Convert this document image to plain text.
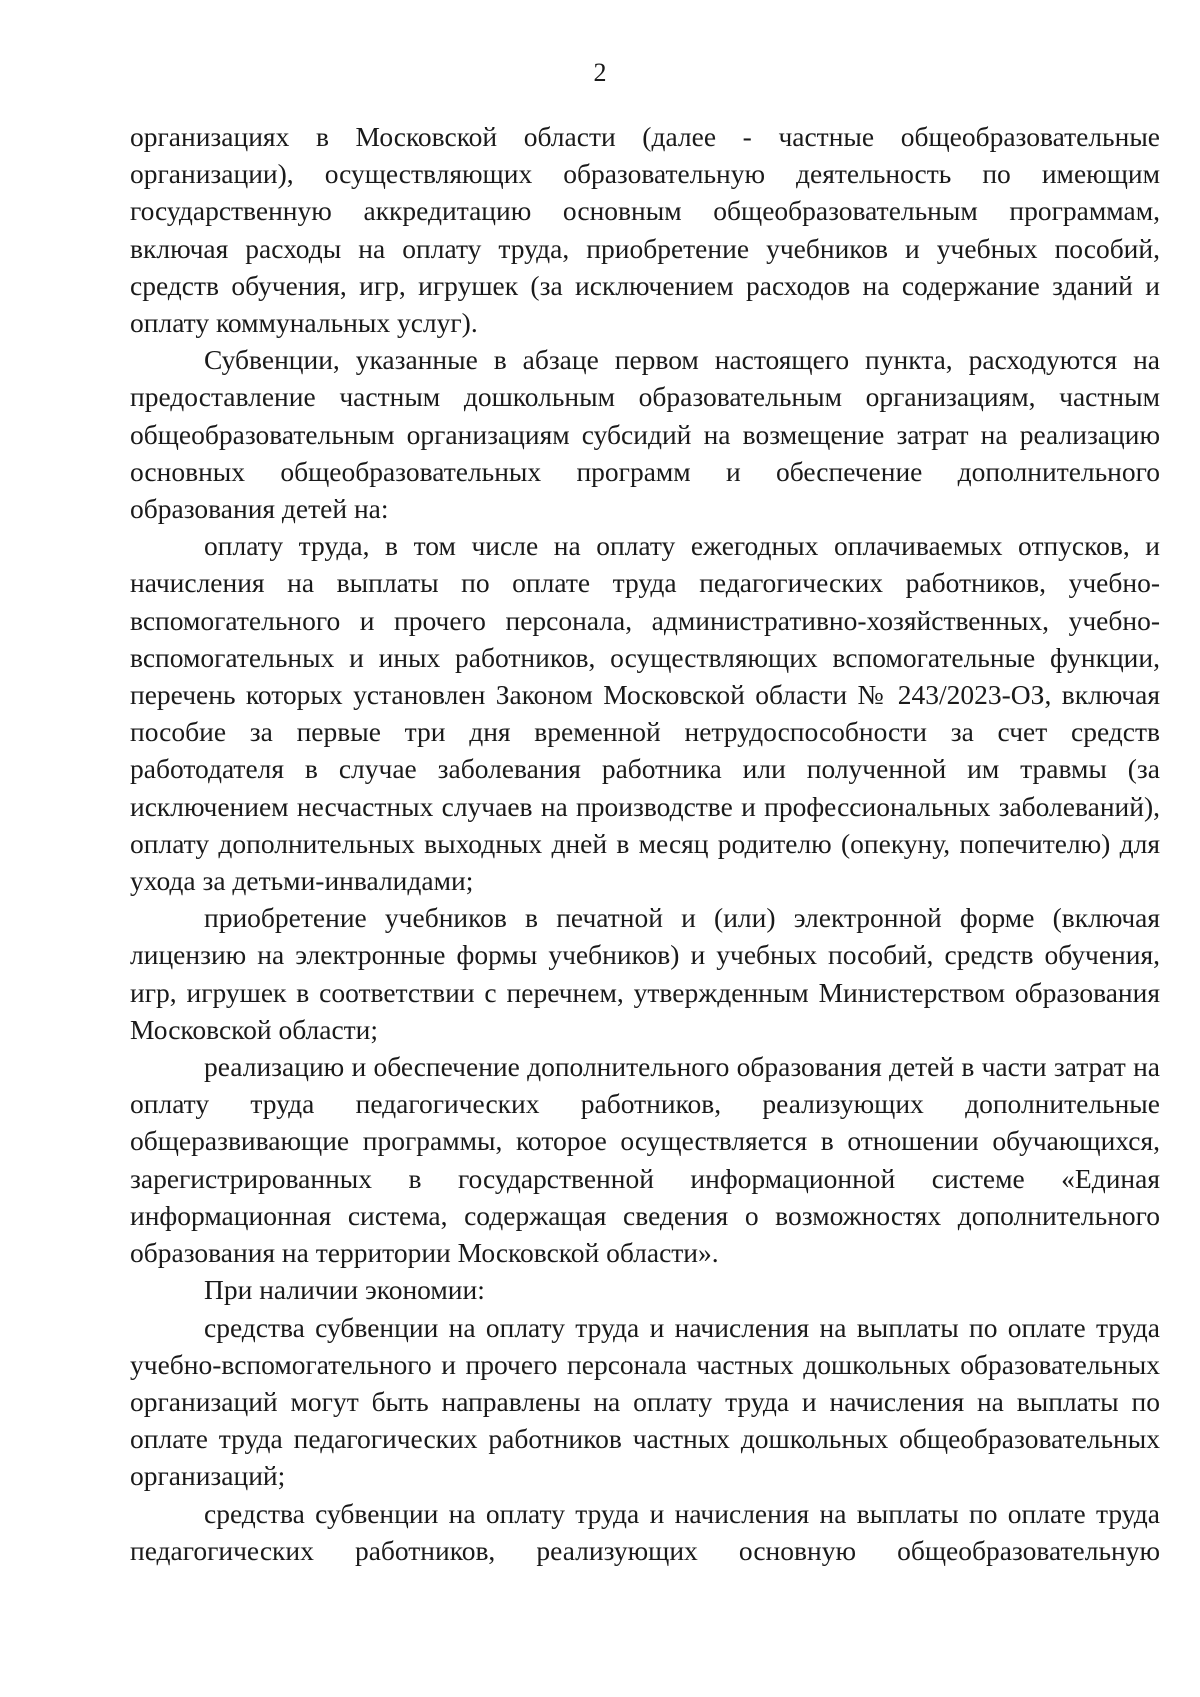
2

организациях в Московской области (далее - частные общеобразовательные организации), осуществляющих образовательную деятельность по имеющим государственную аккредитацию основным общеобразовательным программам, включая расходы на оплату труда, приобретение учебников и учебных пособий, средств обучения, игр, игрушек (за исключением расходов на содержание зданий и оплату коммунальных услуг).

Субвенции, указанные в абзаце первом настоящего пункта, расходуются на предоставление частным дошкольным образовательным организациям, частным общеобразовательным организациям субсидий на возмещение затрат на реализацию основных общеобразовательных программ и обеспечение дополнительного образования детей на:

оплату труда, в том числе на оплату ежегодных оплачиваемых отпусков, и начисления на выплаты по оплате труда педагогических работников, учебно-вспомогательного и прочего персонала, административно-хозяйственных, учебно-вспомогательных и иных работников, осуществляющих вспомогательные функции, перечень которых установлен Законом Московской области № 243/2023-ОЗ, включая пособие за первые три дня временной нетрудоспособности за счет средств работодателя в случае заболевания работника или полученной им травмы (за исключением несчастных случаев на производстве и профессиональных заболеваний), оплату дополнительных выходных дней в месяц родителю (опекуну, попечителю) для ухода за детьми-инвалидами;

приобретение учебников в печатной и (или) электронной форме (включая лицензию на электронные формы учебников) и учебных пособий, средств обучения, игр, игрушек в соответствии с перечнем, утвержденным Министерством образования Московской области;

реализацию и обеспечение дополнительного образования детей в части затрат на оплату труда педагогических работников, реализующих дополнительные общеразвивающие программы, которое осуществляется в отношении обучающихся, зарегистрированных в государственной информационной системе «Единая информационная система, содержащая сведения о возможностях дополнительного образования на территории Московской области».

При наличии экономии:

средства субвенции на оплату труда и начисления на выплаты по оплате труда учебно-вспомогательного и прочего персонала частных дошкольных образовательных организаций могут быть направлены на оплату труда и начисления на выплаты по оплате труда педагогических работников частных дошкольных общеобразовательных организаций;

средства субвенции на оплату труда и начисления на выплаты по оплате труда педагогических работников, реализующих основную общеобразовательную
